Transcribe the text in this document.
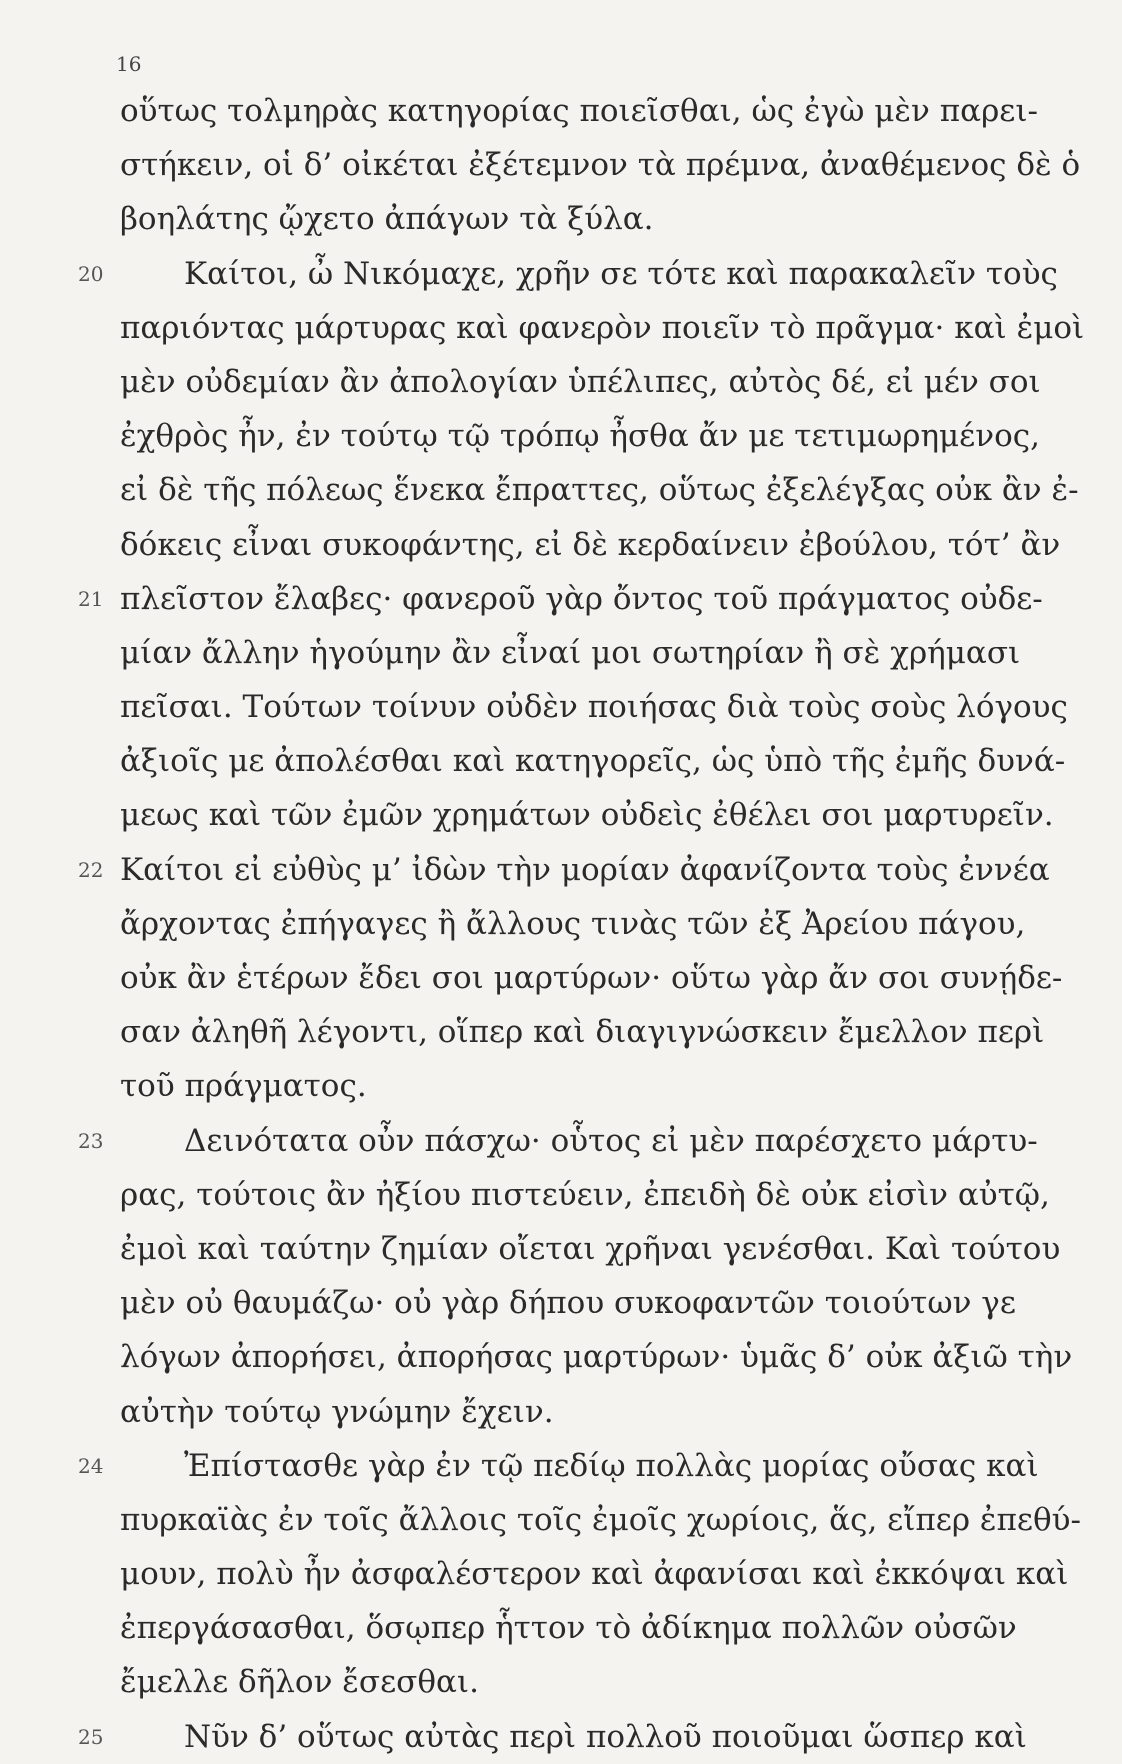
16
οὕτως τολμηρὰς κατηγορίας ποιεῖσθαι, ὡς ἐγὼ μὲν παρει-
στήκειν, οἱ δ’ οἰκέται ἐξέτεμνον τὰ πρέμνα, ἀναθέμενος δὲ ὁ
βοηλάτης ᾤχετο ἀπάγων τὰ ξύλα.
20	Καίτοι, ὦ Νικόμαχε, χρῆν σε τότε καὶ παρακαλεῖν τοὺς
παριόντας μάρτυρας καὶ φανερὸν ποιεῖν τὸ πρᾶγμα· καὶ ἐμοὶ
μὲν οὐδεμίαν ἂν ἀπολογίαν ὑπέλιπες, αὐτὸς δέ, εἰ μέν σοι
ἐχθρὸς ἦν, ἐν τούτῳ τῷ τρόπῳ ἦσθα ἄν με τετιμωρημένος,
εἰ δὲ τῆς πόλεως ἕνεκα ἔπραττες, οὕτως ἐξελέγξας οὐκ ἂν ἐ-
δόκεις εἶναι συκοφάντης, εἰ δὲ κερδαίνειν ἐβούλου, τότ’ ἂν
21 πλεῖστον ἔλαβες· φανεροῦ γὰρ ὄντος τοῦ πράγματος οὐδε-
μίαν ἄλλην ἡγούμην ἂν εἶναί μοι σωτηρίαν ἢ σὲ χρήμασι
πεῖσαι. Τούτων τοίνυν οὐδὲν ποιήσας διὰ τοὺς σοὺς λόγους
ἀξιοῖς με ἀπολέσθαι καὶ κατηγορεῖς, ὡς ὑπὸ τῆς ἐμῆς δυνά-
μεως καὶ τῶν ἐμῶν χρημάτων οὐδεὶς ἐθέλει σοι μαρτυρεῖν.
22 Καίτοι εἰ εὐθὺς μ’ ἰδὼν τὴν μορίαν ἀφανίζοντα τοὺς ἐννέα
ἄρχοντας ἐπήγαγες ἢ ἄλλους τινὰς τῶν ἐξ Ἀρείου πάγου,
οὐκ ἂν ἑτέρων ἔδει σοι μαρτύρων· οὕτω γὰρ ἄν σοι συνῄδε-
σαν ἀληθῆ λέγοντι, οἵπερ καὶ διαγιγνώσκειν ἔμελλον περὶ
τοῦ πράγματος.
23	Δεινότατα οὖν πάσχω· οὗτος εἰ μὲν παρέσχετο μάρτυ-
ρας, τούτοις ἂν ἠξίου πιστεύειν, ἐπειδὴ δὲ οὐκ εἰσὶν αὐτῷ,
ἐμοὶ καὶ ταύτην ζημίαν οἴεται χρῆναι γενέσθαι. Καὶ τούτου
μὲν οὐ θαυμάζω· οὐ γὰρ δήπου συκοφαντῶν τοιούτων γε
λόγων ἀπορήσει, ἀπορήσας μαρτύρων· ὑμᾶς δ’ οὐκ ἀξιῶ τὴν
αὐτὴν τούτῳ γνώμην ἔχειν.
24	Ἐπίστασθε γὰρ ἐν τῷ πεδίῳ πολλὰς μορίας οὔσας καὶ
πυρκαϊὰς ἐν τοῖς ἄλλοις τοῖς ἐμοῖς χωρίοις, ἅς, εἴπερ ἐπεθύ-
μουν, πολὺ ἦν ἀσφαλέστερον καὶ ἀφανίσαι καὶ ἐκκόψαι καὶ
ἐπεργάσασθαι, ὅσῳπερ ἧττον τὸ ἀδίκημα πολλῶν οὐσῶν
ἔμελλε δῆλον ἔσεσθαι.
25	Νῦν δ’ οὕτως αὐτὰς περὶ πολλοῦ ποιοῦμαι ὥσπερ καὶ
